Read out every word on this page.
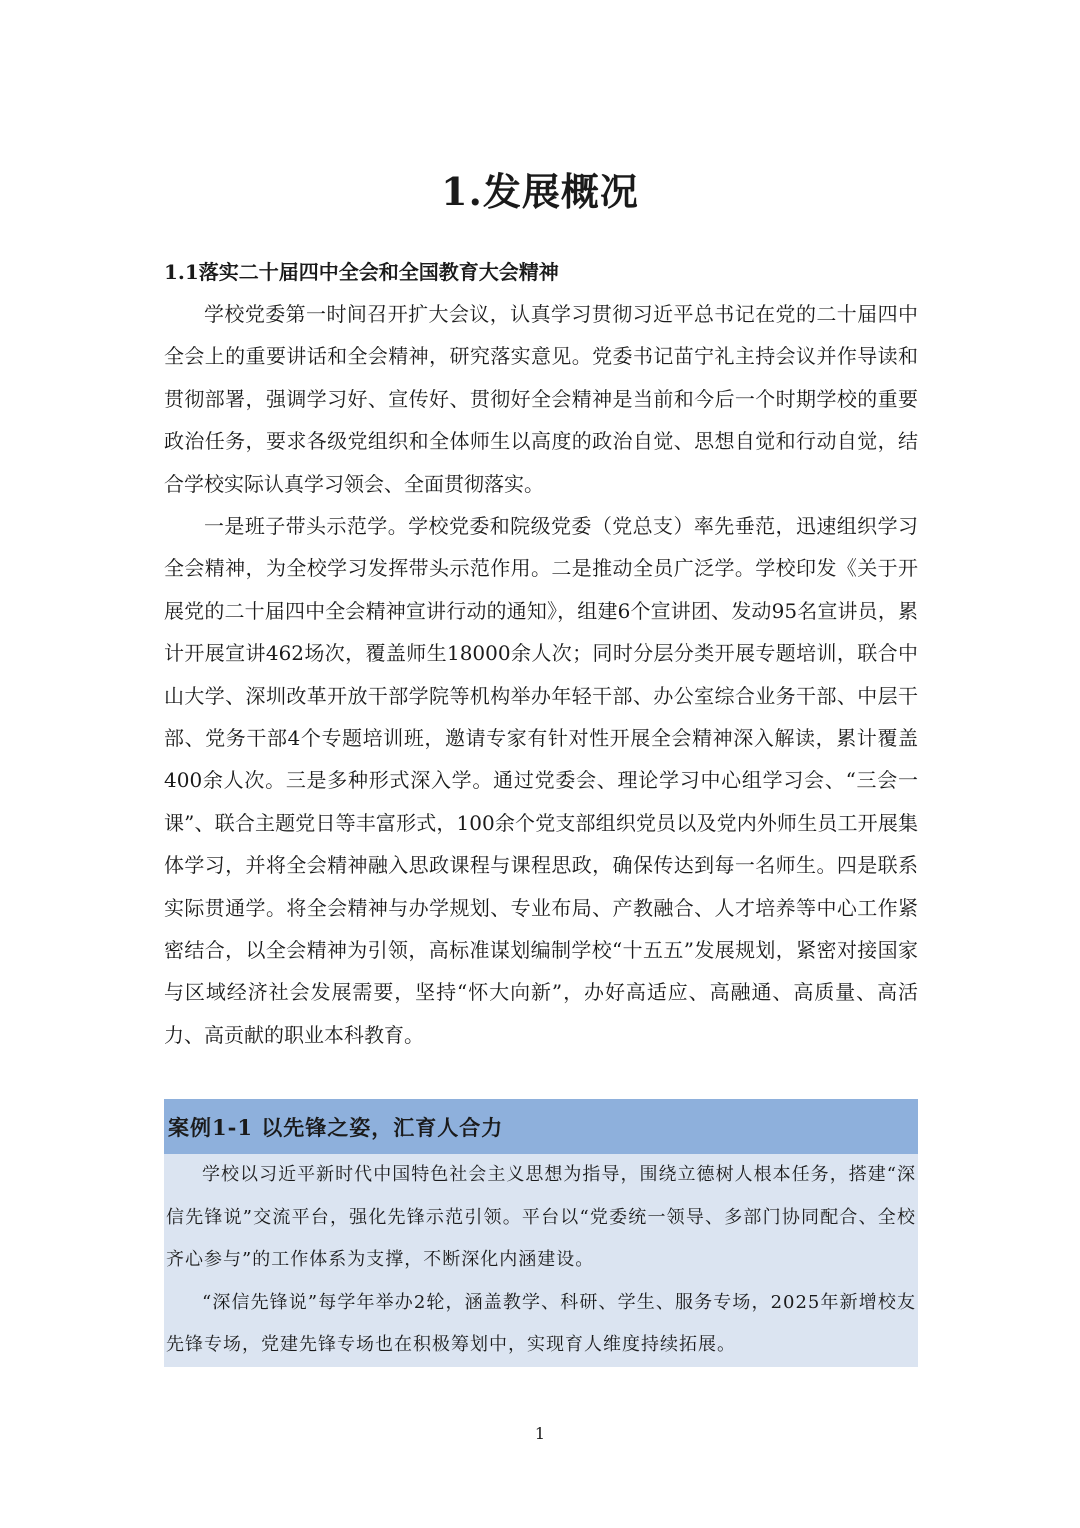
1.发展概况
1.1落实二十届四中全会和全国教育大会精神

学校党委第一时间召开扩大会议，认真学习贯彻习近平总书记在党的二十届四中全会上的重要讲话和全会精神，研究落实意见。党委书记苗宁礼主持会议并作导读和贯彻部署，强调学习好、宣传好、贯彻好全会精神是当前和今后一个时期学校的重要政治任务，要求各级党组织和全体师生以高度的政治自觉、思想自觉和行动自觉，结合学校实际认真学习领会、全面贯彻落实。

一是班子带头示范学。学校党委和院级党委（党总支）率先垂范，迅速组织学习全会精神，为全校学习发挥带头示范作用。二是推动全员广泛学。学校印发《关于开展党的二十届四中全会精神宣讲行动的通知》，组建6个宣讲团、发动95名宣讲员，累计开展宣讲462场次，覆盖师生18000余人次；同时分层分类开展专题培训，联合中山大学、深圳改革开放干部学院等机构举办年轻干部、办公室综合业务干部、中层干部、党务干部4个专题培训班，邀请专家有针对性开展全会精神深入解读，累计覆盖400余人次。三是多种形式深入学。通过党委会、理论学习中心组学习会、“三会一课”、联合主题党日等丰富形式，100余个党支部组织党员以及党内外师生员工开展集体学习，并将全会精神融入思政课程与课程思政，确保传达到每一名师生。四是联系实际贯通学。将全会精神与办学规划、专业布局、产教融合、人才培养等中心工作紧密结合，以全会精神为引领，高标准谋划编制学校“十五五”发展规划，紧密对接国家与区域经济社会发展需要，坚持“怀大向新”，办好高适应、高融通、高质量、高活力、高贡献的职业本科教育。

案例1-1 以先锋之姿，汇育人合力

学校以习近平新时代中国特色社会主义思想为指导，围绕立德树人根本任务，搭建“深信先锋说”交流平台，强化先锋示范引领。平台以“党委统一领导、多部门协同配合、全校齐心参与”的工作体系为支撑，不断深化内涵建设。

“深信先锋说”每学年举办2轮，涵盖教学、科研、学生、服务专场，2025年新增校友先锋专场，党建先锋专场也在积极筹划中，实现育人维度持续拓展。

1
